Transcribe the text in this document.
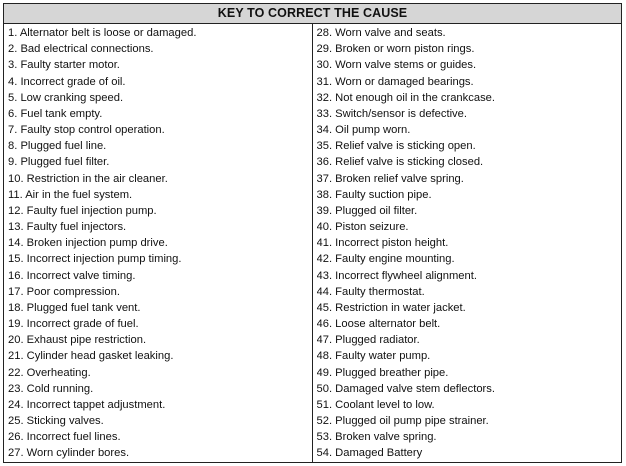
KEY TO CORRECT THE CAUSE
1. Alternator belt is loose or damaged.
2. Bad electrical connections.
3. Faulty starter motor.
4. Incorrect grade of oil.
5. Low cranking speed.
6. Fuel tank empty.
7. Faulty stop control operation.
8. Plugged fuel line.
9. Plugged fuel filter.
10. Restriction in the air cleaner.
11. Air in the fuel system.
12. Faulty fuel injection pump.
13. Faulty fuel injectors.
14. Broken injection pump drive.
15. Incorrect injection pump timing.
16. Incorrect valve timing.
17. Poor compression.
18. Plugged fuel tank vent.
19. Incorrect grade of fuel.
20. Exhaust pipe restriction.
21. Cylinder head gasket leaking.
22. Overheating.
23. Cold running.
24. Incorrect tappet adjustment.
25. Sticking valves.
26. Incorrect fuel lines.
27. Worn cylinder bores.
28. Worn valve and seats.
29. Broken or worn piston rings.
30. Worn valve stems or guides.
31. Worn or damaged bearings.
32. Not enough oil in the crankcase.
33. Switch/sensor is defective.
34. Oil pump worn.
35. Relief valve is sticking open.
36. Relief valve is sticking closed.
37. Broken relief valve spring.
38. Faulty suction pipe.
39. Plugged oil filter.
40. Piston seizure.
41. Incorrect piston height.
42. Faulty engine mounting.
43. Incorrect flywheel alignment.
44. Faulty thermostat.
45. Restriction in water jacket.
46. Loose alternator belt.
47. Plugged radiator.
48. Faulty water pump.
49. Plugged breather pipe.
50. Damaged valve stem deflectors.
51. Coolant level to low.
52. Plugged oil pump pipe strainer.
53. Broken valve spring.
54. Damaged Battery
